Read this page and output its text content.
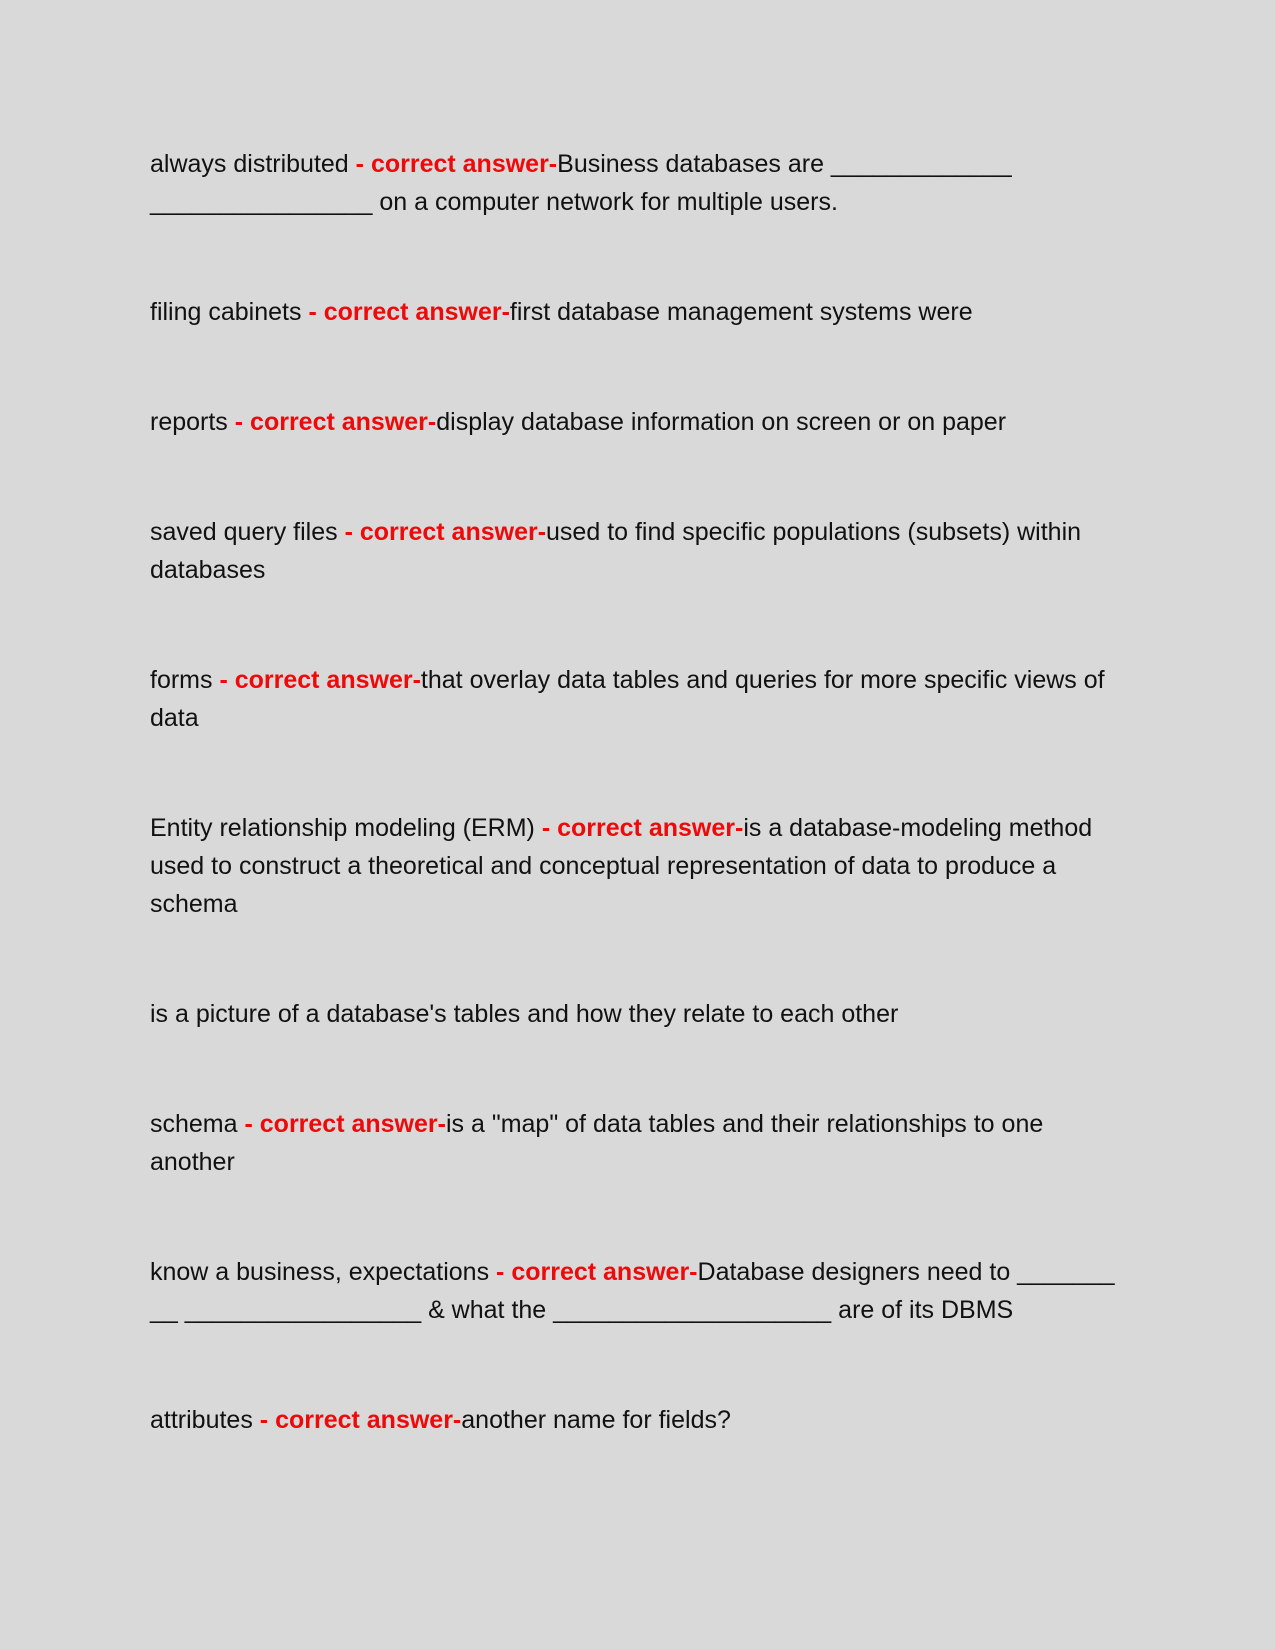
always distributed - correct answer-Business databases are _____________ ________________ on a computer network for multiple users.

filing cabinets - correct answer-first database management systems were

reports - correct answer-display database information on screen or on paper

saved query files - correct answer-used to find specific populations (subsets) within databases

forms - correct answer-that overlay data tables and queries for more specific views of data

Entity relationship modeling (ERM) - correct answer-is a database-modeling method used to construct a theoretical and conceptual representation of data to produce a schema

is a picture of a database's tables and how they relate to each other

schema - correct answer-is a "map" of data tables and their relationships to one another

know a business, expectations - correct answer-Database designers need to _______ __ _________________ & what the ____________________ are of its DBMS

attributes - correct answer-another name for fields?
